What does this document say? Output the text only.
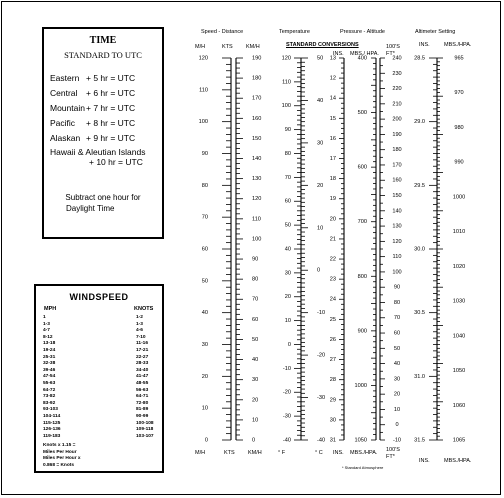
TIME
STANDARD TO UTC
Eastern + 5 hr = UTC
Central + 6 hr = UTC
Mountain + 7 hr = UTC
Pacific + 8 hr = UTC
Alaskan + 9 hr = UTC
Hawaii & Aleutian Islands
+ 10 hr = UTC
Subtract one hour for
Daylight Time
WINDSPEED
MPH	KNOTS
1	1-2
1-3	1-3
4-7	4-6
8-12	7-10
13-18	11-16
19-24	17-21
25-31	22-27
32-38	28-33
39-46	34-40
47-54	41-47
55-63	48-55
64-72	56-63
73-82	64-71
83-92	72-80
93-103	81-89
104-114	90-99
115-125	100-108
126-136	109-118
119-183	103-107
Knots x 1.15 =
Miles Per Hour
Miles Per Hour x
0.868 = Knots
Speed - Distance	Temperature	Pressure - Altitude	Altimeter Setting
STANDARD CONVERSIONS
M/H	KTS KM/H
INS. MBS./ HPA.
100'S FT*
INS.	MBS./HPA.
M/H	KTS KM/H	° F	° C INS. MBS./HPA. 100'S FT*
INS.	MBS./HPA.
* Standard Atmosphere
120
110
100
90
80
70
60
50
40
30
20
10
0
190
180
170
160
150
140
130
120
110
100
90
80
70
60
50
40
30
20
10
0
120
110
100
90
80
70
60
50
40
30
20
10
0
-10
-20
-30
-40
50
40
30
20
10
0
-10
-20
-30
-40
13
12
14
15
16
17
18
19
20
21
22
23
24
25
26
27
28
29
30
31
400
500
600
700
800
900
1000
1050
240
230
220
210
200
190
180
170
160
150
140
130
120
110
100
90
80
70
60
50
40
30
20
10
0
-10
28.5
29.0
29.5
30.0
30.5
31.0
31.5
965
970
980
990
1000
1010
1020
1030
1040
1050
1060
1065
